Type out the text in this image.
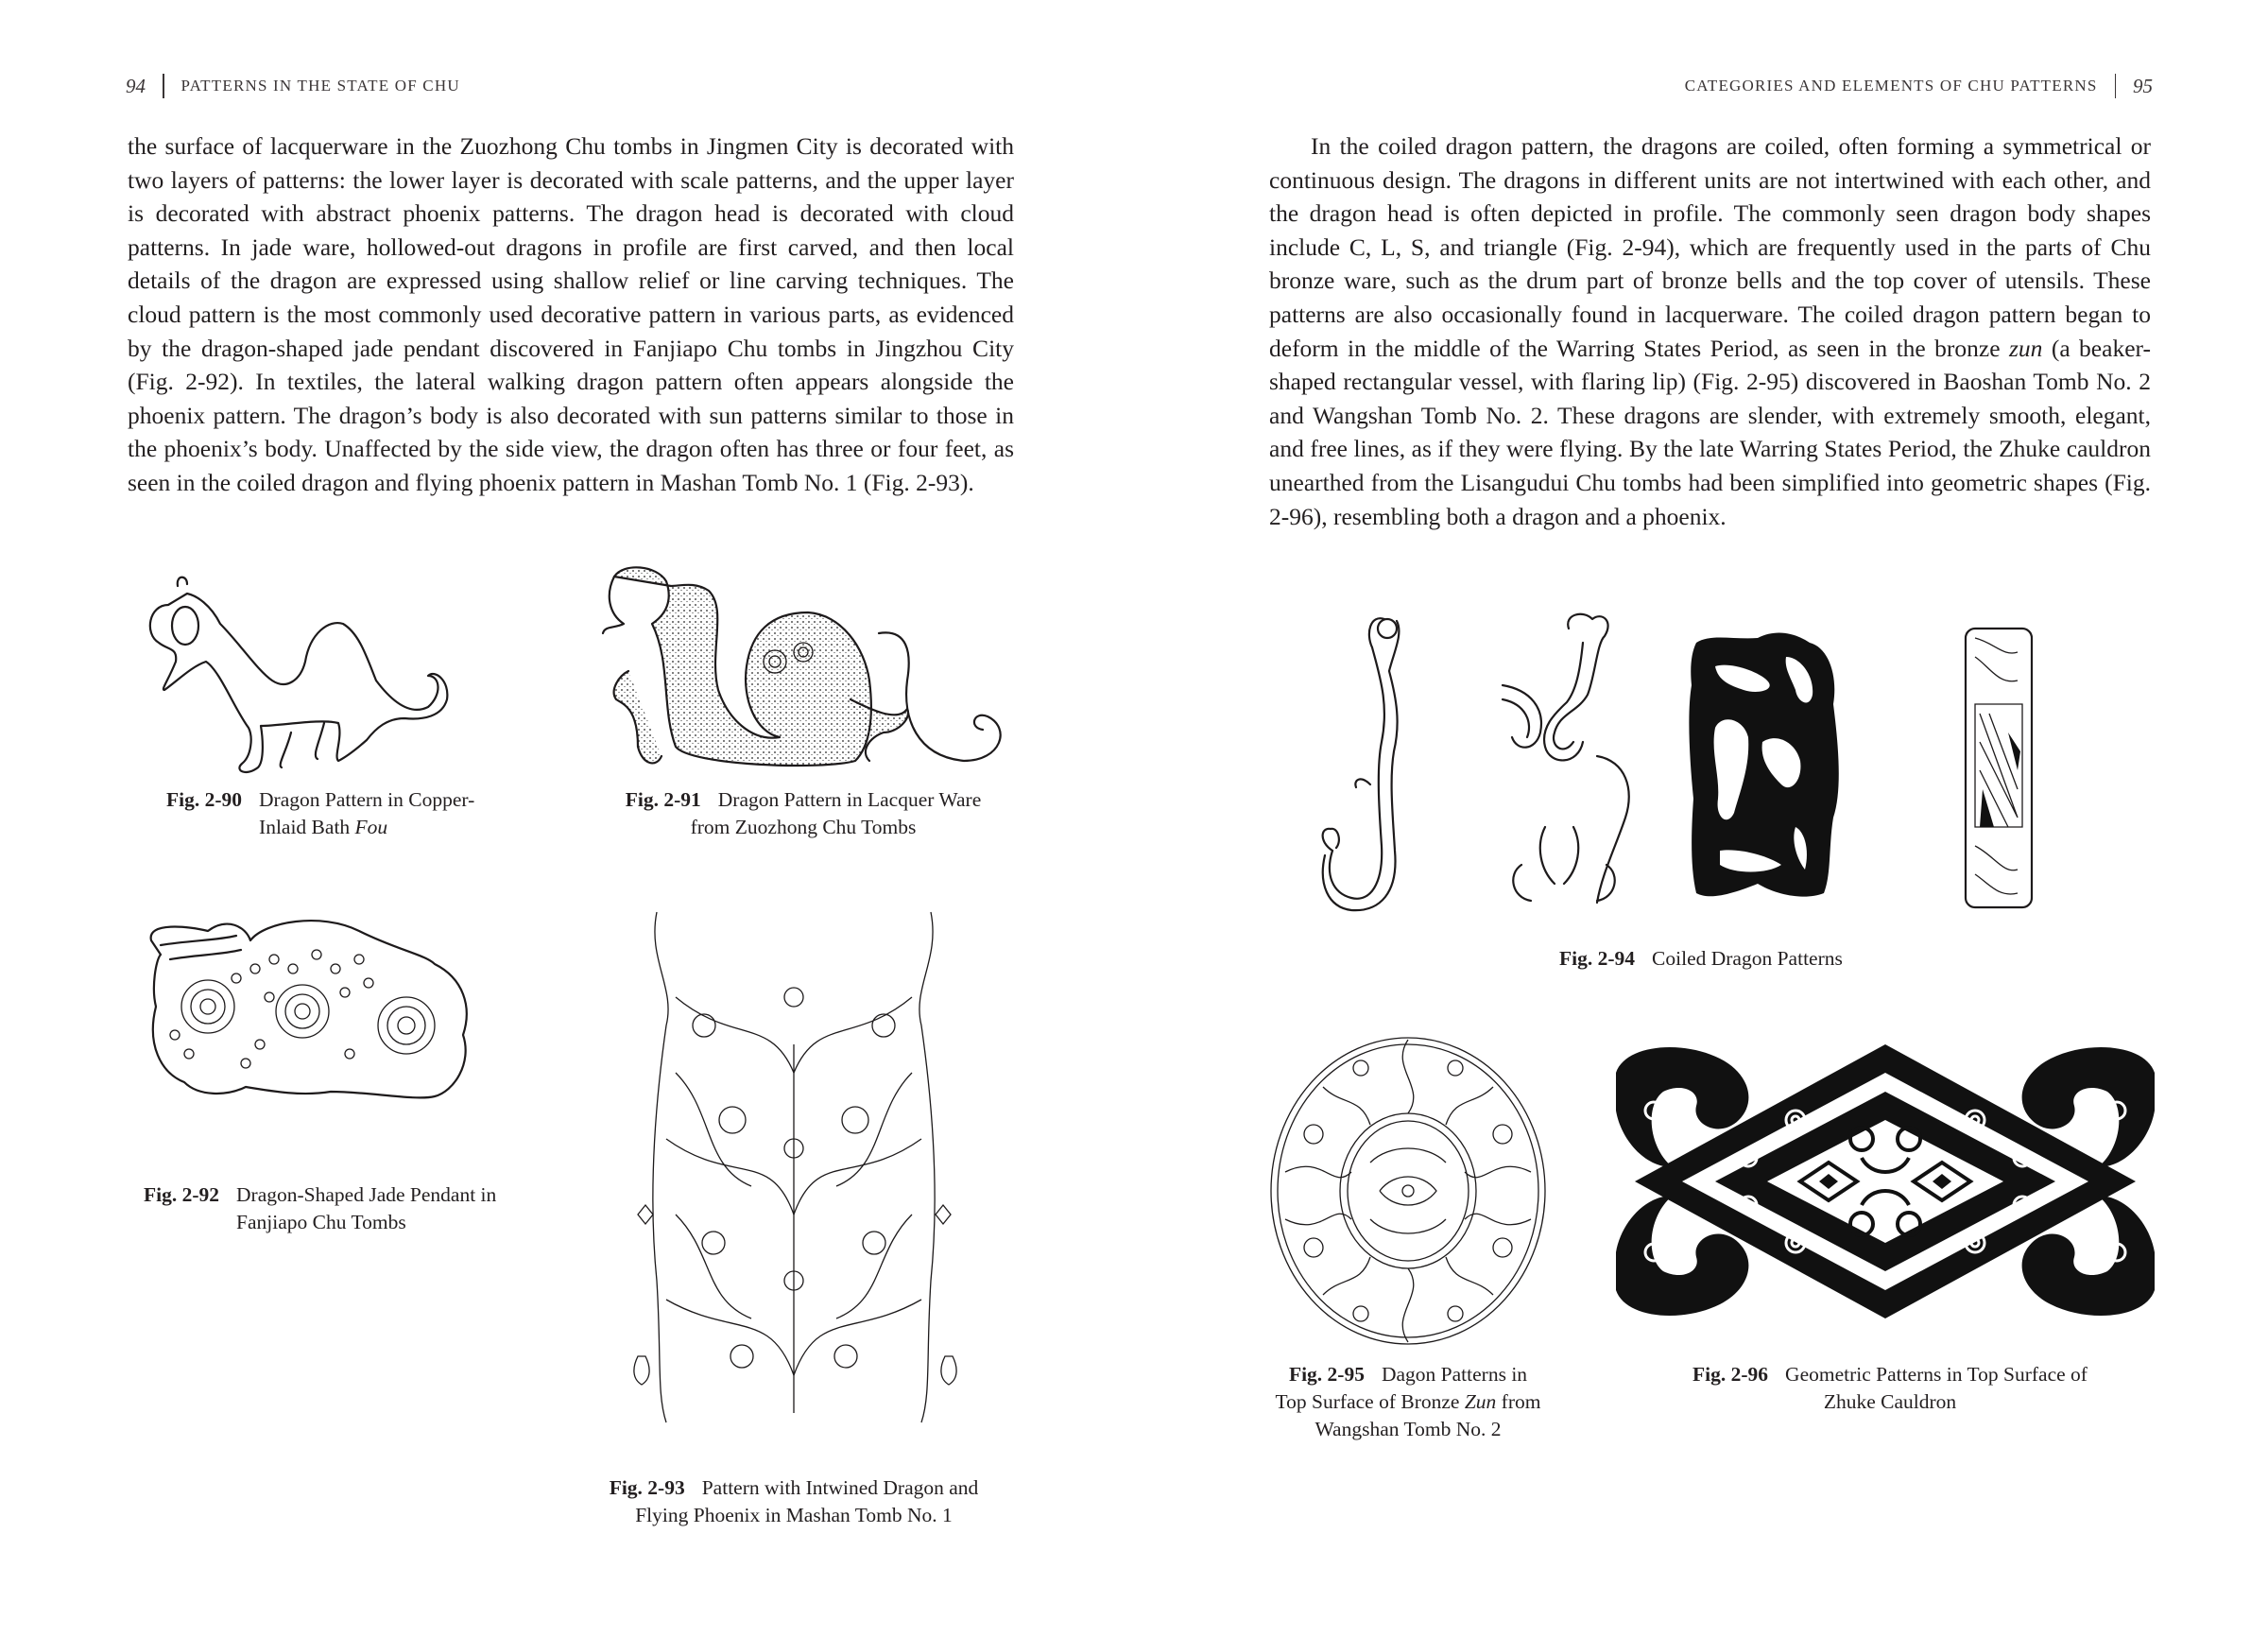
94 PATTERNS IN THE STATE OF CHU

the surface of lacquerware in the Zuozhong Chu tombs in Jingmen City is decorated with two layers of patterns: the lower layer is decorated with scale patterns, and the upper layer is decorated with abstract phoenix patterns. The dragon head is decorated with cloud patterns. In jade ware, hollowed-out dragons in profile are first carved, and then local details of the dragon are expressed using shallow relief or line carving techniques. The cloud pattern is the most commonly used decorative pattern in various parts, as evidenced by the dragon-shaped jade pendant discovered in Fanjiapo Chu tombs in Jingzhou City (Fig. 2-92). In textiles, the lateral walking dragon pattern often appears alongside the phoenix pattern. The dragon’s body is also decorated with sun patterns similar to those in the phoenix’s body. Unaffected by the side view, the dragon often has three or four feet, as seen in the coiled dragon and flying phoenix pattern in Mashan Tomb No. 1 (Fig. 2-93).

Fig. 2-90 Dragon Pattern in Copper-
Inlaid Bath Fou
Fig. 2-91 Dragon Pattern in Lacquer Ware
from Zuozhong Chu Tombs
Fig. 2-92 Dragon-Shaped Jade Pendant in
Fanjiapo Chu Tombs
Fig. 2-93 Pattern with Intwined Dragon and
Flying Phoenix in Mashan Tomb No. 1
CATEGORIES AND ELEMENTS OF CHU PATTERNS 95

In the coiled dragon pattern, the dragons are coiled, often forming a symmetrical or continuous design. The dragons in different units are not intertwined with each other, and the dragon head is often depicted in profile. The commonly seen dragon body shapes include C, L, S, and triangle (Fig. 2-94), which are frequently used in the parts of Chu bronze ware, such as the drum part of bronze bells and the top cover of utensils. These patterns are also occasionally found in lacquerware. The coiled dragon pattern began to deform in the middle of the Warring States Period, as seen in the bronze zun (a beaker-shaped rectangular vessel, with flaring lip) (Fig. 2-95) discovered in Baoshan Tomb No. 2 and Wangshan Tomb No. 2. These dragons are slender, with extremely smooth, elegant, and free lines, as if they were flying. By the late Warring States Period, the Zhuke cauldron unearthed from the Lisangudui Chu tombs had been simplified into geometric shapes (Fig. 2-96), resembling both a dragon and a phoenix.

Fig. 2-94 Coiled Dragon Patterns
Fig. 2-95 Dagon Patterns in
Top Surface of Bronze Zun from
Wangshan Tomb No. 2
Fig. 2-96 Geometric Patterns in Top Surface of
Zhuke Cauldron
